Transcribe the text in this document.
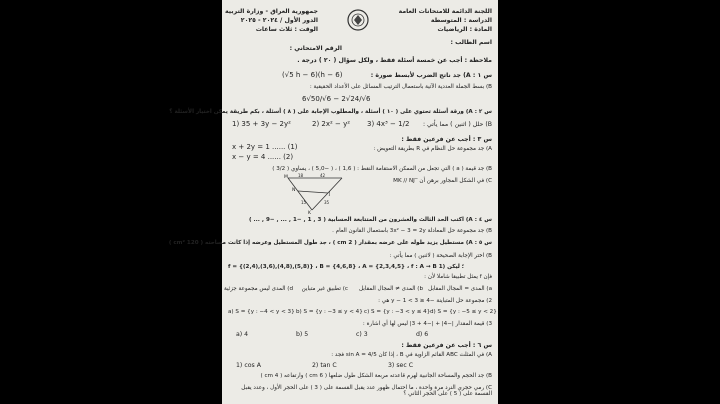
اللجنة الدائمة للامتحانات العامة
الدراسة : المتوسطة
المادة : الرياضيات
جمهورية العراق - وزارة التربية
الدور الأول / ٢٠٢٤ - ٢٠٢٥
الوقت : ثلاث ساعات
اسم الطالب :
الرقم الامتحاني :
ملاحظة : أجب عن خمسة أسئلة فقط ، ولكل سؤال ( ٢٠ ) درجة .
س ١ : A) جد ناتج الضرب لأبسط صورة :
(√5 h − 6)(h − 6)
B) بسط الجملة العددية الآتية باستعمال الترتيب المسائل على الأعداد الحقيقية :
6√50/√6 − 2√24/√6
س ٢ : A) ورقة أسئلة تحتوي على ( ١٠ ) أسئلة ، والمطلوب الإجابة على ( ٨ ) أسئلة ، بكم طريقة يمكن اختيار الأسئلة ؟
B) حلل ( اثنين ) مما يأتي :
1) 35 + 3y − 2y²	2) 2x² − y² 3) 4x³ − 1/2
س ٣ : أجب عن فرعين فقط :
A) جد مجموعة حل النظام في R بطريقة التعويض :
x + 2y = 1 ...... (1)
x − y = 4 ...... (2)
B) جد قيمة ( a ) التي تجعل من الممكن الاستقامة النقط : ( 1,6 ) ، ( −5,0 ) ، يساوي ( 3/2 )
C) في الشكل المجاور برهن أن ‾MK // NJ
M
N
K
J
18	42
15	35
س ٤ : A) اكتب الحد الثالث والعشرون من المتتابعة الحسابية ( 3 , 1 , −1 , ... , −9 , ... )
B) جد مجموعة حل المعادلة 3x² − 3 = 2y باستعمال القانون العام .
س ٥ : A) مستطيل يزيد طوله على عرضه بمقدار ( 2 cm ) ، جد طول المستطيل وعرضه إذا كانت مساحته ( 120 cm² )
B) اختر الإجابة الصحيحة ( لاثنين ) مما يأتي :
f = {(2,4),(3,6),(4,8),(5,8)} ، B = {4,6,8} ، A = {2,3,4,5} ، f : A → B ؛ ليكن (1
فإن f يمثل تطبيقا شاملا لأن :
a) المدى = المجال المقابل
b) المدى ≠ المجال المقابل
c) تطبيق غير متباين
d) المدى ليس مجموعة جزئية
2) مجموعة حل المتباينة −4 ≤ y − 1 < 3 هي :
a) S = {y : −4 < y < 3} b) S = {y : −3 ≤ y < 4} c) S = {y : −3 < y ≤ 4} d) S = {y : −5 ≤ y < 2}
3) قيمة المقدار |−4| + |−4 + 3| ليس لها أي اشارة :
a) 4	b) 5	c) 3	d) 6
س ٦ : أجب عن فرعين فقط :
A) في المثلث ABC القائم الزاوية في B ، إذا كان sin A = 4/5 فجد :
1) cos A	2) tan C	3) sec C
B) جد الحجم والمساحة الجانبية لهرم قاعدته مربعة الشكل طول ضلعها ( 6 cm ) وارتفاعه ( 4 cm )
C) رمي حجري النرد مرة واحدة ، ما احتمال ظهور عدد يقبل القسمة على ( 3 ) على الحجر الأول ، وعدد يقبل القسمة على ( 5 ) على الحجر الثاني ؟
